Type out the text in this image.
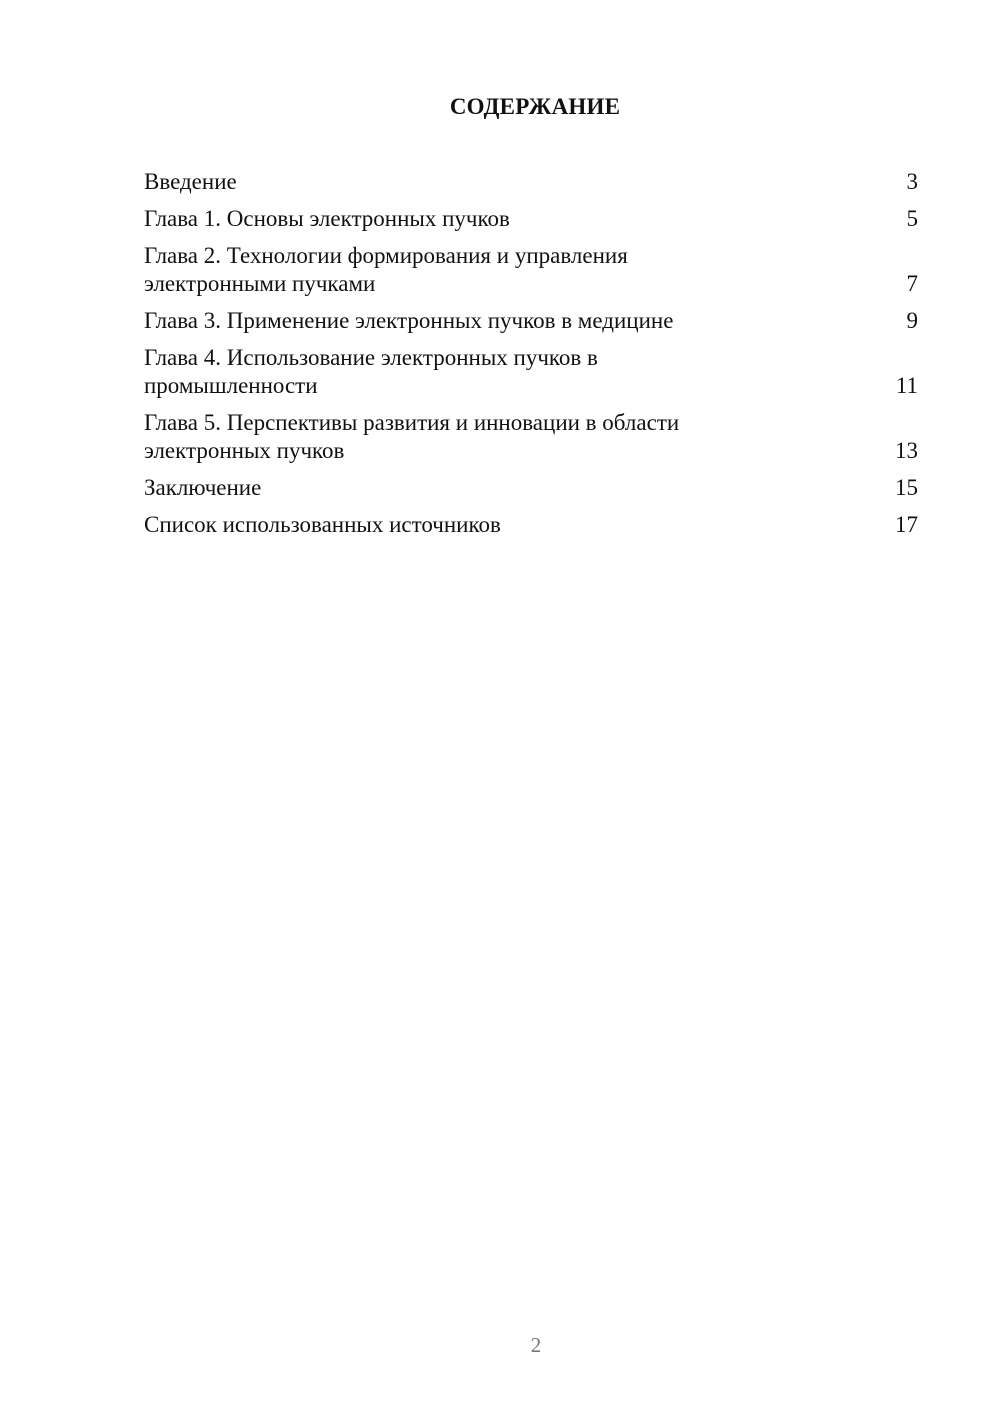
СОДЕРЖАНИЕ
Введение	3
Глава 1. Основы электронных пучков	5
Глава 2. Технологии формирования и управления электронными пучками	7
Глава 3. Применение электронных пучков в медицине	9
Глава 4. Использование электронных пучков в промышленности	11
Глава 5. Перспективы развития и инновации в области электронных пучков	13
Заключение	15
Список использованных источников	17
2
